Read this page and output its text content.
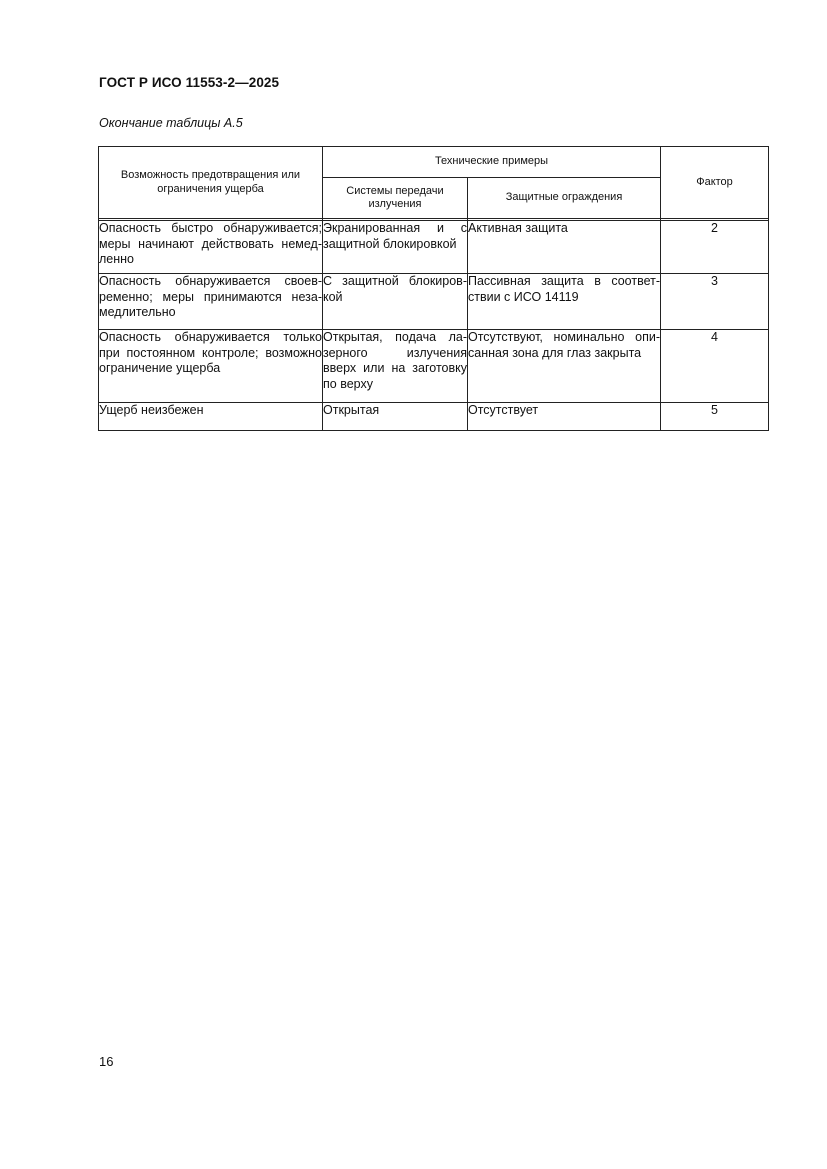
ГОСТ Р ИСО 11553-2—2025
Окончание таблицы А.5
Возможность предотвращения или ограничения ущерба	Технические примеры		Фактор
	Системы передачи излучения	Защитные ограждения	

Опасность быстро обнаруживается; меры начинают действовать немед-ленно	Экранированная и с защитной блокировкой	Активная защита	2
Опасность обнаруживается своев-ременно; меры принимаются неза-медлительно	С защитной блокиров-кой	Пассивная защита в соответ-ствии с ИСО 14119	3
Опасность обнаруживается только при постоянном контроле; возможно ограничение ущерба	Открытая, подача ла-зерного излучения вверх или на заготовку по верху	Отсутствуют, номинально опи-санная зона для глаз закрыта	4
Ущерб неизбежен	Открытая	Отсутствует	5
16
